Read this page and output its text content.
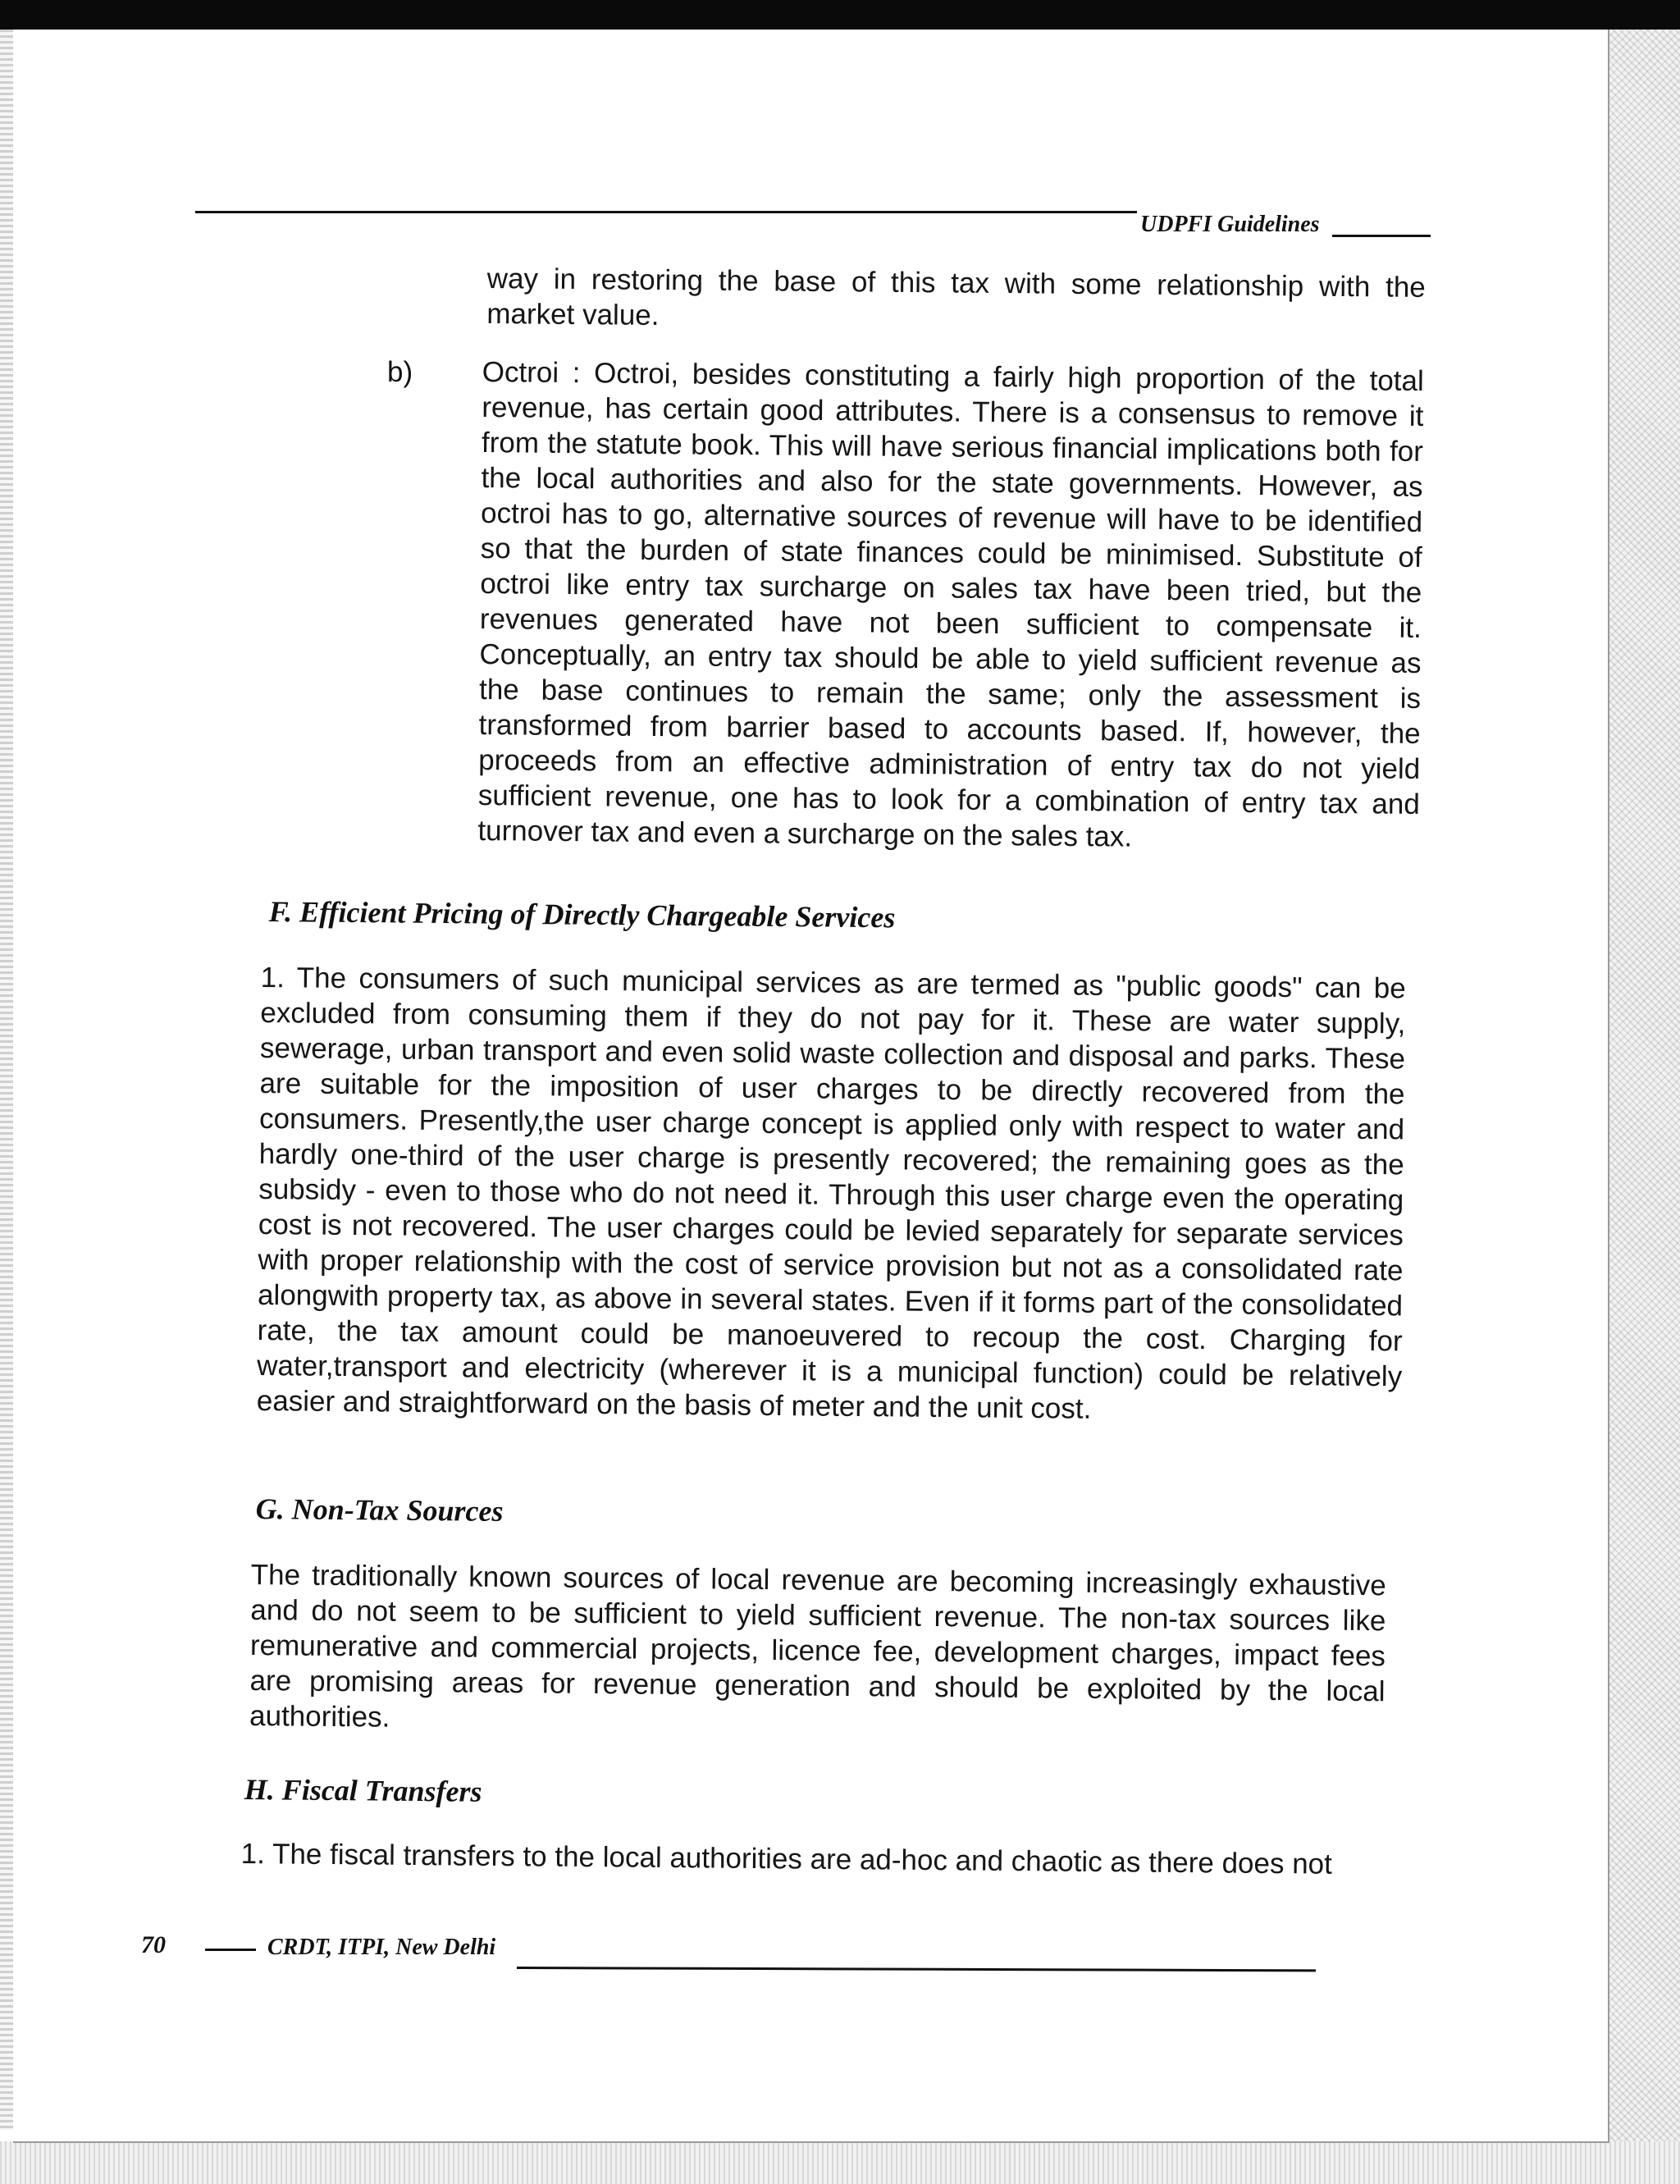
UDPFI Guidelines

way in restoring the base of this tax with some relationship with the market value.

b) Octroi : Octroi, besides constituting a fairly high proportion of the total revenue, has certain good attributes. There is a consensus to remove it from the statute book. This will have serious financial implications both for the local authorities and also for the state governments. However, as octroi has to go, alternative sources of revenue will have to be identified so that the burden of state finances could be minimised. Substitute of octroi like entry tax surcharge on sales tax have been tried, but the revenues generated have not been sufficient to compensate it. Conceptually, an entry tax should be able to yield sufficient revenue as the base continues to remain the same; only the assessment is transformed from barrier based to accounts based. If, however, the proceeds from an effective administration of entry tax do not yield sufficient revenue, one has to look for a combination of entry tax and turnover tax and even a surcharge on the sales tax.

F. Efficient Pricing of Directly Chargeable Services

1. The consumers of such municipal services as are termed as "public goods" can be excluded from consuming them if they do not pay for it. These are water supply, sewerage, urban transport and even solid waste collection and disposal and parks. These are suitable for the imposition of user charges to be directly recovered from the consumers. Presently,the user charge concept is applied only with respect to water and hardly one-third of the user charge is presently recovered; the remaining goes as the subsidy - even to those who do not need it. Through this user charge even the operating cost is not recovered. The user charges could be levied separately for separate services with proper relationship with the cost of service provision but not as a consolidated rate alongwith property tax, as above in several states. Even if it forms part of the consolidated rate, the tax amount could be manoeuvered to recoup the cost. Charging for water,transport and electricity (wherever it is a municipal function) could be relatively easier and straightforward on the basis of meter and the unit cost.

G. Non-Tax Sources

The traditionally known sources of local revenue are becoming increasingly exhaustive and do not seem to be sufficient to yield sufficient revenue. The non-tax sources like remunerative and commercial projects, licence fee, development charges, impact fees are promising areas for revenue generation and should be exploited by the local authorities.

H. Fiscal Transfers

1. The fiscal transfers to the local authorities are ad-hoc and chaotic as there does not

70	CRDT, ITPI, New Delhi
